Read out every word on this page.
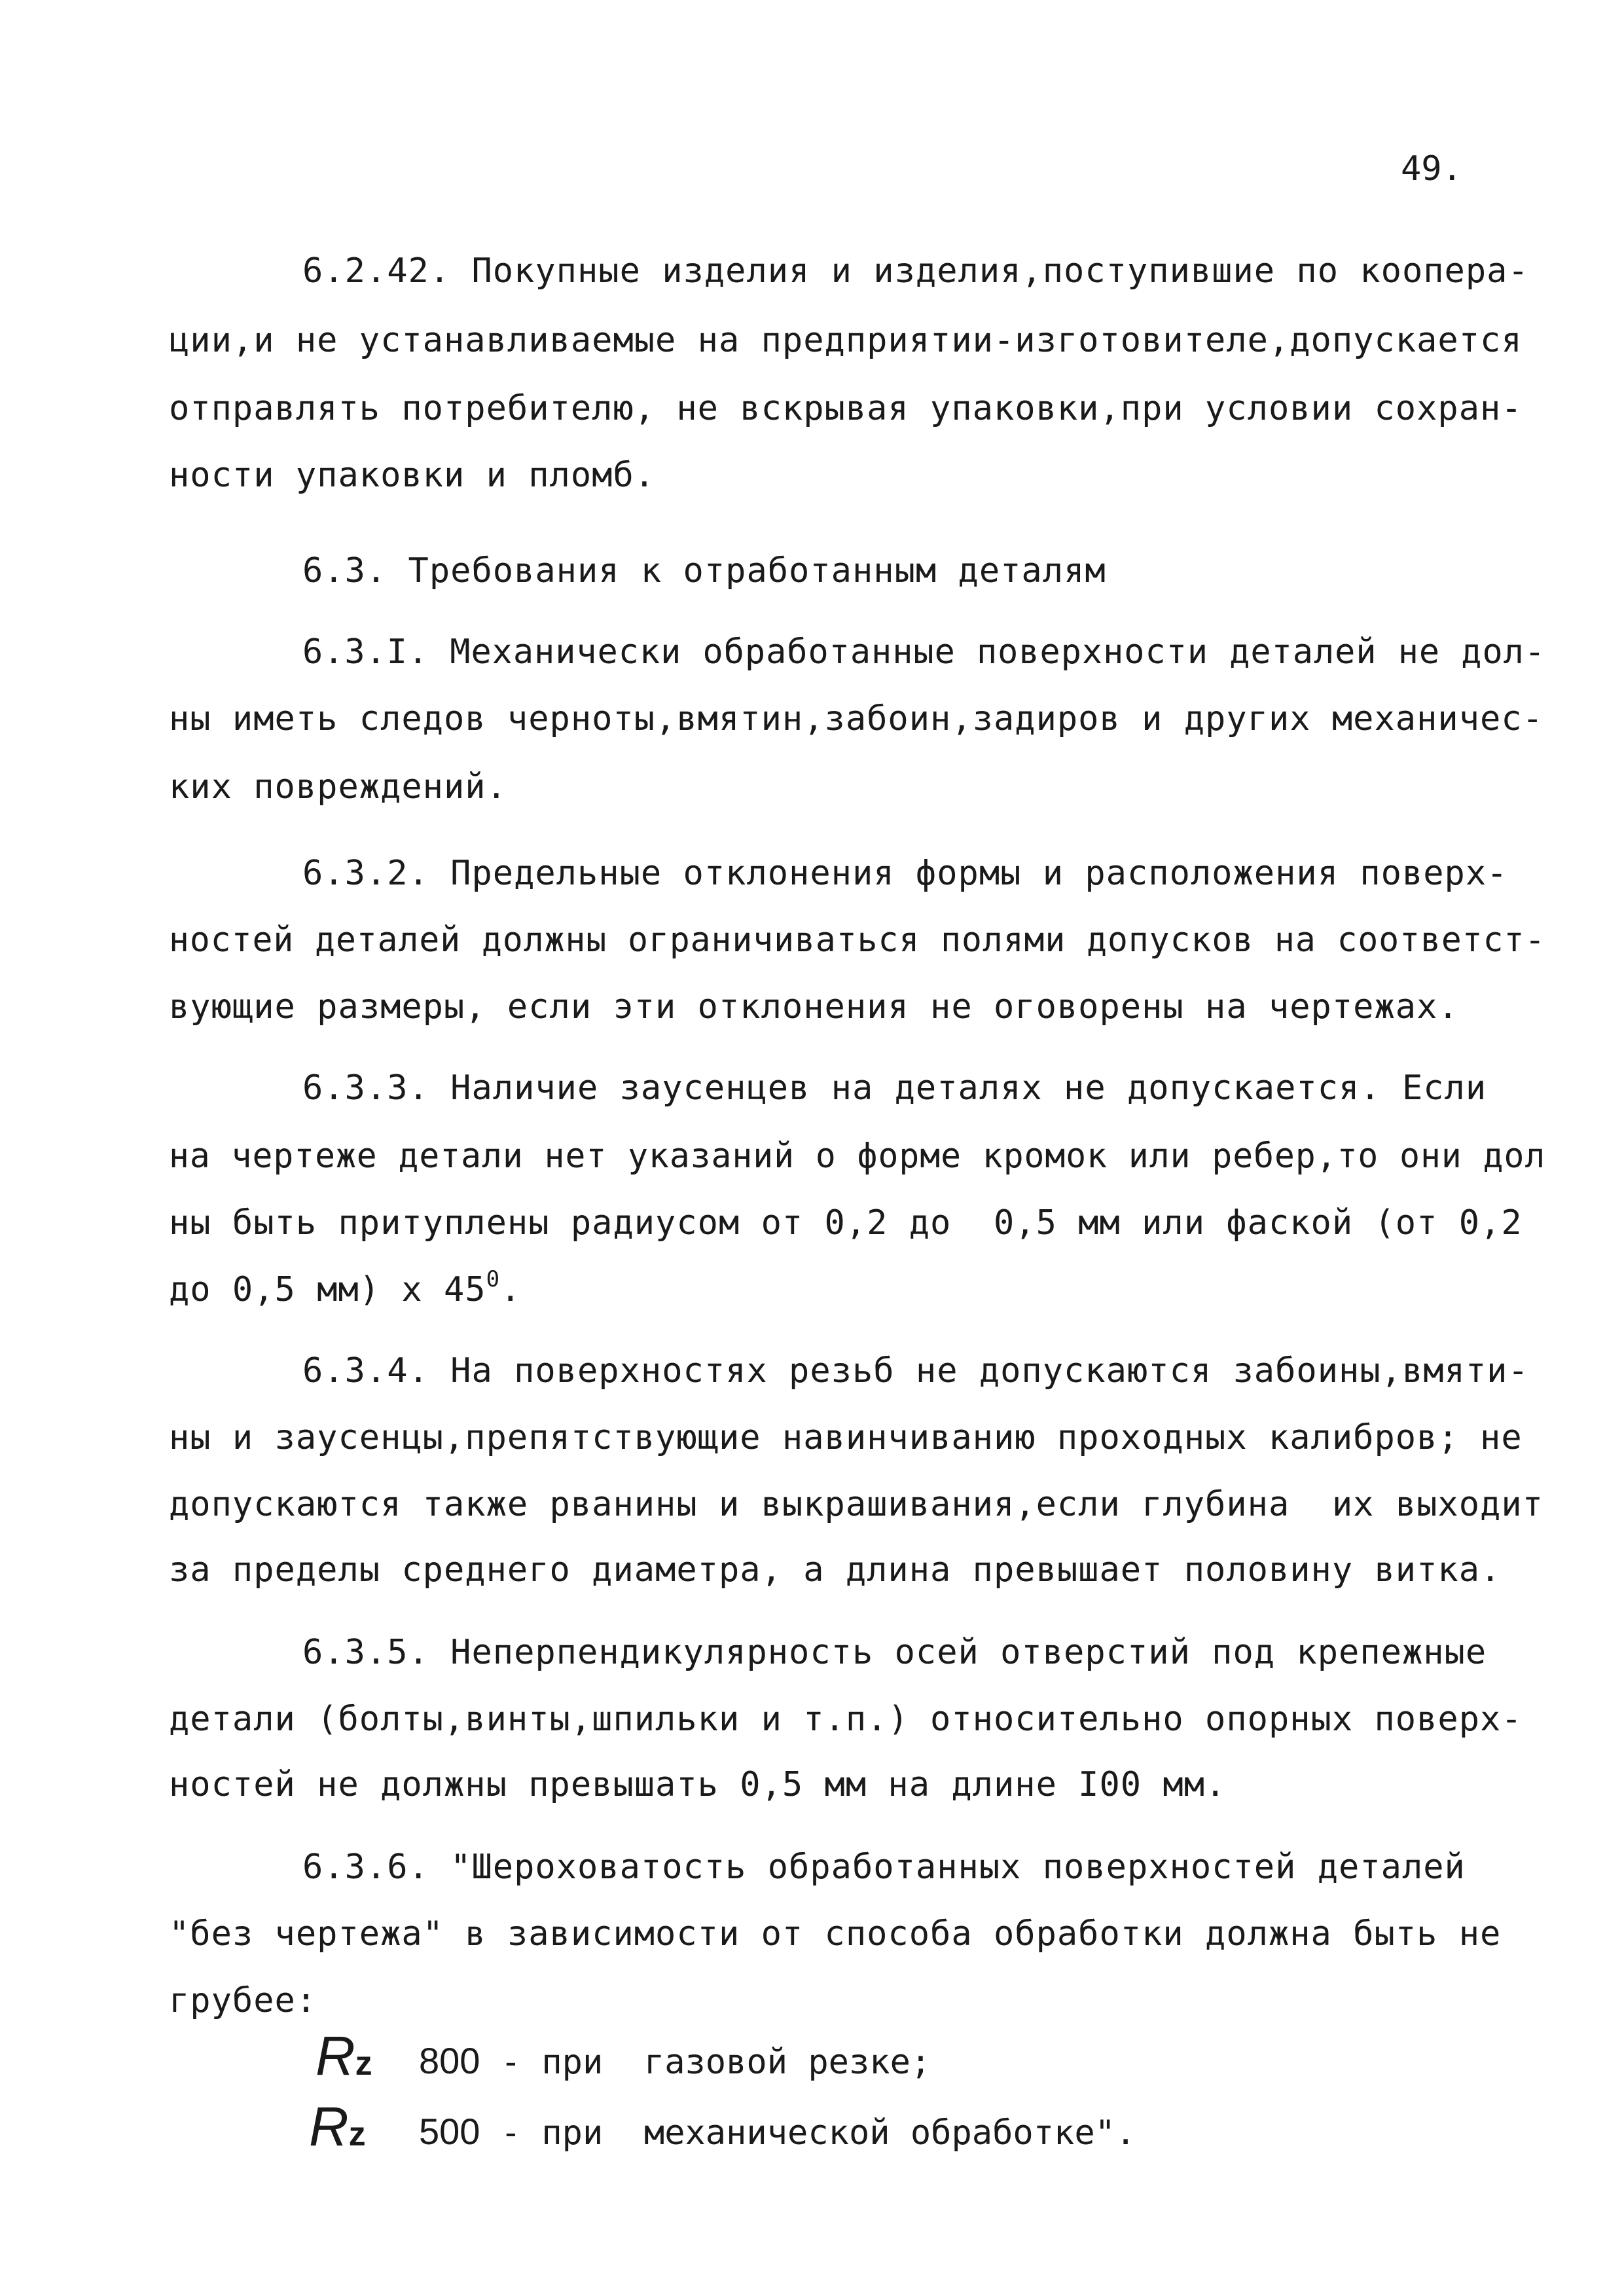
49.
6.2.42. Покупные изделия и изделия,поступившие по коопера-
ции,и не устанавливаемые на предприятии-изготовителе,допускается
отправлять потребителю, не вскрывая упаковки,при условии сохран-
ности упаковки и пломб.
6.3. Требования к отработанным деталям
6.3.I. Механически обработанные поверхности деталей не дол-
ны иметь следов черноты,вмятин,забоин,задиров и других механичес-
ких повреждений.
6.3.2. Предельные отклонения формы и расположения поверх-
ностей деталей должны ограничиваться полями допусков на соответст-
вующие размеры, если эти отклонения не оговорены на чертежах.
6.3.3. Наличие заусенцев на деталях не допускается. Если
на чертеже детали нет указаний о форме кромок или ребер,то они дол
ны быть притуплены радиусом от 0,2 до  0,5 мм или фаской (от 0,2
до 0,5 мм) х $45^0$.
6.3.4. На поверхностях резьб не допускаются забоины,вмяти-
ны и заусенцы,препятствующие навинчиванию проходных калибров; не
допускаются также рванины и выкрашивания,если глубина  их выходит
за пределы среднего диаметра, а длина превышает половину витка.
6.3.5. Неперпендикулярность осей отверстий под крепежные
детали (болты,винты,шпильки и т.п.) относительно опорных поверх-
ностей не должны превышать 0,5 мм на длине I00 мм.
6.3.6. "Шероховатость обработанных поверхностей деталей
"без чертежа" в зависимости от способа обработки должна быть не
грубее:
Rz 800 - при  газовой резке;
Rz 500 - при  механической обработке".
